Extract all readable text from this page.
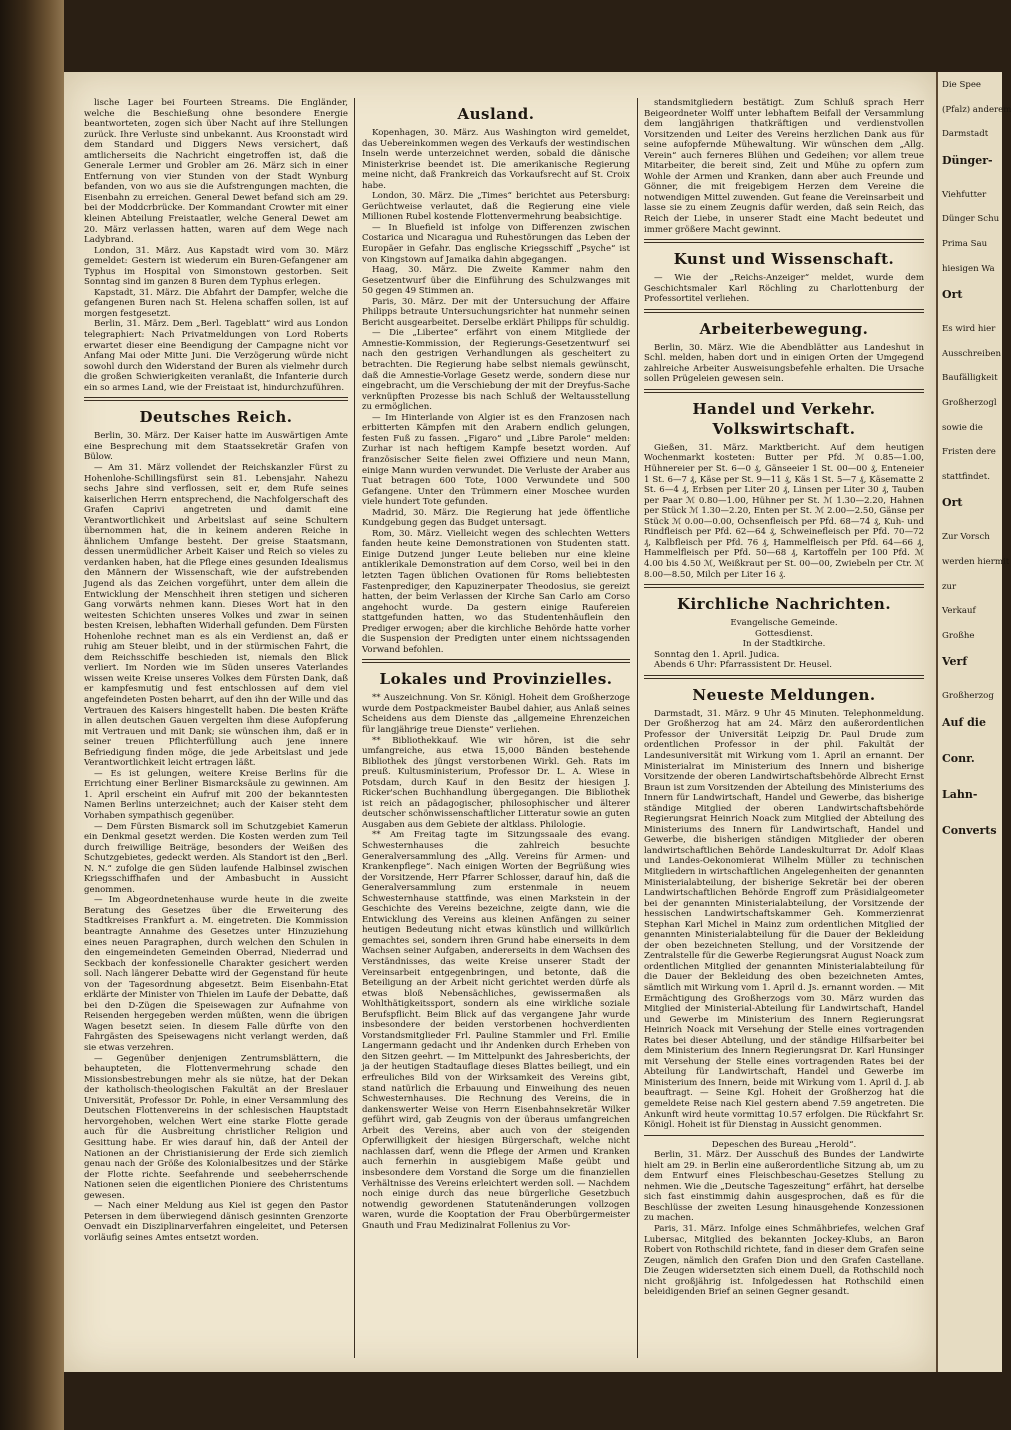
lische Lager bei Fourteen Streams. Die Engländer, welche die Beschießung ohne besondere Energie beantworteten, zogen sich über Nacht auf ihre Stellungen zurück. Ihre Verluste sind unbekannt. Aus Kroonstadt wird dem Standard und Diggers News versichert, daß amtlicherseits die Nachricht eingetroffen ist, daß die Generale Lermer und Grobler am 26. März sich in einer Entfernung von vier Stunden von der Stadt Wynburg befanden, von wo aus sie die Aufstrengungen machten, die Eisenbahn zu erreichen. General Dewet befand sich am 29. bei der Moddcrbrücke. Der Kommandant Crowter mit einer kleinen Abteilung Freistaatler, welche General Dewet am 20. März verlassen hatten, waren auf dem Wege nach Ladybrand.

London, 31. März. Aus Kapstadt wird vom 30. März gemeldet: Gestern ist wiederum ein Buren-Gefangener am Typhus im Hospital von Simonstown gestorben. Seit Sonntag sind im ganzen 8 Buren dem Typhus erlegen.

Kapstadt, 31. März. Die Abfahrt der Dampfer, welche die gefangenen Buren nach St. Helena schaffen sollen, ist auf morgen festgesetzt.

Berlin, 31. März. Dem „Berl. Tageblatt“ wird aus London telegraphiert: Nach Privatmeldungen von Lord Roberts erwartet dieser eine Beendigung der Campagne nicht vor Anfang Mai oder Mitte Juni. Die Verzögerung würde nicht sowohl durch den Widerstand der Buren als vielmehr durch die großen Schwierigkeiten veranlaßt, die Infanterie durch ein so armes Land, wie der Freistaat ist, hindurchzuführen.

Deutsches Reich.

Berlin, 30. März. Der Kaiser hatte im Auswärtigen Amte eine Besprechung mit dem Staatssekretär Grafen von Bülow.

— Am 31. März vollendet der Reichskanzler Fürst zu Hohenlohe-Schillingsfürst sein 81. Lebensjahr. Nahezu sechs Jahre sind verflossen, seit er, dem Rufe seines kaiserlichen Herrn entsprechend, die Nachfolgerschaft des Grafen Caprivi angetreten und damit eine Verantwortlichkeit und Arbeitslast auf seine Schultern übernommen hat, die in keinem anderen Reiche in ähnlichem Umfange besteht. Der greise Staatsmann, dessen unermüdlicher Arbeit Kaiser und Reich so vieles zu verdanken haben, hat die Pflege eines gesunden Idealismus den Männern der Wissenschaft, wie der aufstrebenden Jugend als das Zeichen vorgeführt, unter dem allein die Entwicklung der Menschheit ihren stetigen und sicheren Gang vorwärts nehmen kann. Dieses Wort hat in den weitesten Schichten unseres Volkes und zwar in seinen besten Kreisen, lebhaften Widerhall gefunden. Dem Fürsten Hohenlohe rechnet man es als ein Verdienst an, daß er ruhig am Steuer bleibt, und in der stürmischen Fahrt, die dem Reichsschiffe beschieden ist, niemals den Blick verliert. Im Norden wie im Süden unseres Vaterlandes wissen weite Kreise unseres Volkes dem Fürsten Dank, daß er kampfesmutig und fest entschlossen auf dem viel angefeindeten Posten beharrt, auf den ihn der Wille und das Vertrauen des Kaisers hingestellt haben. Die besten Kräfte in allen deutschen Gauen vergelten ihm diese Aufopferung mit Vertrauen und mit Dank; sie wünschen ihm, daß er in seiner treuen Pflichterfüllung auch jene innere Befriedigung finden möge, die jede Arbeitslast und jede Verantwortlichkeit leicht ertragen läßt.

— Es ist gelungen, weitere Kreise Berlins für die Errichtung einer Berliner Bismarcksäule zu gewinnen. Am 1. April erscheint ein Aufruf mit 200 der bekanntesten Namen Berlins unterzeichnet; auch der Kaiser steht dem Vorhaben sympathisch gegenüber.

— Dem Fürsten Bismarck soll im Schutzgebiet Kamerun ein Denkmal gesetzt werden. Die Kosten werden zum Teil durch freiwillige Beiträge, besonders der Weißen des Schutzgebietes, gedeckt werden. Als Standort ist den „Berl. N. N.“ zufolge die gen Süden laufende Halbinsel zwischen Kriegsschiffhafen und der Ambasbucht in Aussicht genommen.

— Im Abgeordnetenhause wurde heute in die zweite Beratung des Gesetzes über die Erweiterung des Stadtkreises Frankfurt a. M. eingetreten. Die Kommission beantragte Annahme des Gesetzes unter Hinzuziehung eines neuen Paragraphen, durch welchen den Schulen in den eingemeindeten Gemeinden Oberrad, Niederrad und Seckbach der konfessionelle Charakter gesichert werden soll. Nach längerer Debatte wird der Gegenstand für heute von der Tagesordnung abgesetzt. Beim Eisenbahn-Etat erklärte der Minister von Thielen im Laufe der Debatte, daß bei den D-Zügen die Speisewagen zur Aufnahme von Reisenden hergegeben werden müßten, wenn die übrigen Wagen besetzt seien. In diesem Falle dürfte von den Fahrgästen des Speisewagens nicht verlangt werden, daß sie etwas verzehren.

— Gegenüber denjenigen Zentrumsblättern, die behaupteten, die Flottenvermehrung schade den Missionsbestrebungen mehr als sie nütze, hat der Dekan der katholisch-theologischen Fakultät an der Breslauer Universität, Professor Dr. Pohle, in einer Versammlung des Deutschen Flottenvereins in der schlesischen Hauptstadt hervorgehoben, welchen Wert eine starke Flotte gerade auch für die Ausbreitung christlicher Religion und Gesittung habe. Er wies darauf hin, daß der Anteil der Nationen an der Christianisierung der Erde sich ziemlich genau nach der Größe des Kolonialbesitzes und der Stärke der Flotte richte. Seefahrende und seebeherrschende Nationen seien die eigentlichen Pioniere des Christentums gewesen.

— Nach einer Meldung aus Kiel ist gegen den Pastor Petersen in dem überwiegend dänisch gesinnten Grenzorte Oenvadt ein Disziplinarverfahren eingeleitet, und Petersen vorläufig seines Amtes entsetzt worden.

Ausland.

Kopenhagen, 30. März. Aus Washington wird gemeldet, das Uebereinkommen wegen des Verkaufs der westindischen Inseln werde unterzeichnet werden, sobald die dänische Ministerkrise beendet ist. Die amerikanische Regierung meine nicht, daß Frankreich das Vorkaufsrecht auf St. Croix habe.

London, 30. März. Die „Times“ berichtet aus Petersburg: Gerüchtweise verlautet, daß die Regierung eine viele Millionen Rubel kostende Flottenvermehrung beabsichtige.

— In Bluefield ist infolge von Differenzen zwischen Costarica und Nicaragua und Ruhestörungen das Leben der Europäer in Gefahr. Das englische Kriegsschiff „Psyche“ ist von Kingstown auf Jamaika dahin abgegangen.

Haag, 30. März. Die Zweite Kammer nahm den Gesetzentwurf über die Einführung des Schulzwanges mit 50 gegen 49 Stimmen an.

Paris, 30. März. Der mit der Untersuchung der Affaire Philipps betraute Untersuchungsrichter hat nunmehr seinen Bericht ausgearbeitet. Derselbe erklärt Philipps für schuldig.

— Die „Libertee“ erfährt von einem Mitgliede der Amnestie-Kommission, der Regierungs-Gesetzentwurf sei nach den gestrigen Verhandlungen als gescheitert zu betrachten. Die Regierung habe selbst niemals gewünscht, daß die Amnestie-Vorlage Gesetz werde, sondern diese nur eingebracht, um die Verschiebung der mit der Dreyfus-Sache verknüpften Prozesse bis nach Schluß der Weltausstellung zu ermöglichen.

— Im Hinterlande von Algier ist es den Franzosen nach erbitterten Kämpfen mit den Arabern endlich gelungen, festen Fuß zu fassen. „Figaro“ und „Libre Parole“ melden: Zurhar ist nach heftigem Kampfe besetzt worden. Auf französischer Seite fielen zwei Offiziere und neun Mann, einige Mann wurden verwundet. Die Verluste der Araber aus Tuat betragen 600 Tote, 1000 Verwundete und 500 Gefangene. Unter den Trümmern einer Moschee wurden viele hundert Tote gefunden.

Madrid, 30. März. Die Regierung hat jede öffentliche Kundgebung gegen das Budget untersagt.

Rom, 30. März. Vielleicht wegen des schlechten Wetters fanden heute keine Demonstrationen von Studenten statt. Einige Dutzend junger Leute belieben nur eine kleine antiklerikale Demonstration auf dem Corso, weil bei in den letzten Tagen üblichen Ovationen für Roms beliebtesten Fastenprediger, den Kapuzinerpater Theodosius, sie gereizt hatten, der beim Verlassen der Kirche San Carlo am Corso angehocht wurde. Da gestern einige Raufereien stattgefunden hatten, wo das Studentenhäuflein den Prediger erwogen; aber die kirchliche Behörde hatte vorher die Suspension der Predigten unter einem nichtssagenden Vorwand befohlen.

Lokales und Provinzielles.

** Auszeichnung. Von Sr. Königl. Hoheit dem Großherzoge wurde dem Postpackmeister Baubel dahier, aus Anlaß seines Scheidens aus dem Dienste das „allgemeine Ehrenzeichen für langjährige treue Dienste“ verliehen.

** Bibliothekkauf. Wie wir hören, ist die sehr umfangreiche, aus etwa 15,000 Bänden bestehende Bibliothek des jüngst verstorbenen Wirkl. Geh. Rats im preuß. Kultusministerium, Professor Dr. L. A. Wiese in Potsdam, durch Kauf in den Besitz der hiesigen J. Ricker'schen Buchhandlung übergegangen. Die Bibliothek ist reich an pädagogischer, philosophischer und älterer deutscher schönwissenschaftlicher Litteratur sowie an guten Ausgaben aus dem Gebiete der altklass. Philologie.

** Am Freitag tagte im Sitzungssaale des evang. Schwesternhauses die zahlreich besuchte Generalversammlung des „Allg. Vereins für Armen- und Krankenpflege“. Nach einigen Worten der Begrüßung wies der Vorsitzende, Herr Pfarrer Schlosser, darauf hin, daß die Generalversammlung zum erstenmale in neuem Schwesternhause stattfinde, was einen Markstein in der Geschichte des Vereins bezeichne, zeigte dann, wie die Entwicklung des Vereins aus kleinen Anfängen zu seiner heutigen Bedeutung nicht etwas künstlich und willkürlich gemachtes sei, sondern ihren Grund habe einerseits in dem Wachsen seiner Aufgaben, andererseits in dem Wachsen des Verständnisses, das weite Kreise unserer Stadt der Vereinsarbeit entgegenbringen, und betonte, daß die Beteiligung an der Arbeit nicht gerichtet werden dürfe als etwas bloß Nebensächliches, gewissermaßen als Wohlthätigkeitssport, sondern als eine wirkliche soziale Berufspflicht. Beim Blick auf das vergangene Jahr wurde insbesondere der beiden verstorbenen hochverdienten Vorstandsmitglieder Frl. Pauline Stammler und Frl. Emilie Langermann gedacht und ihr Andenken durch Erheben von den Sitzen geehrt. — Im Mittelpunkt des Jahresberichts, der ja der heutigen Stadtauflage dieses Blattes beiliegt, und ein erfreuliches Bild von der Wirksamkeit des Vereins gibt, stand natürlich die Erbauung und Einweihung des neuen Schwesternhauses. Die Rechnung des Vereins, die in dankenswerter Weise von Herrn Eisenbahnsekretär Wilker geführt wird, gab Zeugnis von der überaus umfangreichen Arbeit des Vereins, aber auch von der steigenden Opferwilligkeit der hiesigen Bürgerschaft, welche nicht nachlassen darf, wenn die Pflege der Armen und Kranken auch fernerhin in ausgiebigem Maße geübt und insbesondere dem Vorstand die Sorge um die finanziellen Verhältnisse des Vereins erleichtert werden soll. — Nachdem noch einige durch das neue bürgerliche Gesetzbuch notwendig gewordenen Statutenänderungen vollzogen waren, wurde die Kooptation der Frau Oberbürgermeister Gnauth und Frau Medizinalrat Follenius zu Vor-

standsmitgliedern bestätigt. Zum Schluß sprach Herr Beigeordneter Wolff unter lebhaftem Beifall der Versammlung dem langjährigen thatkräftigen und verdienstvollen Vorsitzenden und Leiter des Vereins herzlichen Dank aus für seine aufopfernde Mühewaltung. Wir wünschen dem „Allg. Verein“ auch ferneres Blühen und Gedeihen; vor allem treue Mitarbeiter, die bereit sind, Zeit und Mühe zu opfern zum Wohle der Armen und Kranken, dann aber auch Freunde und Gönner, die mit freigebigem Herzen dem Vereine die notwendigen Mittel zuwenden. Gut feane die Vereinsarbeit und lasse sie zu einem Zeugnis dafür werden, daß sein Reich, das Reich der Liebe, in unserer Stadt eine Macht bedeutet und immer größere Macht gewinnt.

Kunst und Wissenschaft.

— Wie der „Reichs-Anzeiger“ meldet, wurde dem Geschichtsmaler Karl Röchling zu Charlottenburg der Professortitel verliehen.

Arbeiterbewegung.

Berlin, 30. März. Wie die Abendblätter aus Landeshut in Schl. melden, haben dort und in einigen Orten der Umgegend zahlreiche Arbeiter Ausweisungsbefehle erhalten. Die Ursache sollen Prügeleien gewesen sein.

Handel und Verkehr. Volkswirtschaft.

Gießen, 31. März. Marktbericht. Auf dem heutigen Wochenmarkt kosteten: Butter per Pfd. ℳ 0.85—1.00, Hühnereier per St. 6—0 ₰, Gänseeier 1 St. 00—00 ₰, Enteneier 1 St. 6—7 ₰, Käse per St. 9—11 ₰, Käs 1 St. 5—7 ₰, Käsematte 2 St. 6—4 ₰, Erbsen per Liter 20 ₰, Linsen per Liter 30 ₰, Tauben per Paar ℳ 0.80—1.00, Hühner per St. ℳ 1.30—2.20, Hahnen per Stück ℳ 1.30—2.20, Enten per St. ℳ 2.00—2.50, Gänse per Stück ℳ 0.00—0.00, Ochsenfleisch per Pfd. 68—74 ₰, Kuh- und Rindfleisch per Pfd. 62—64 ₰, Schweinefleisch per Pfd. 70—72 ₰, Kalbfleisch per Pfd. 76 ₰, Hammelfleisch per Pfd. 64—66 ₰, Hammelfleisch per Pfd. 50—68 ₰, Kartoffeln per 100 Pfd. ℳ 4.00 bis 4.50 ℳ, Weißkraut per St. 00—00, Zwiebeln per Ctr. ℳ 8.00—8.50, Milch per Liter 16 ₰.

Kirchliche Nachrichten.

Evangelische Gemeinde.

Gottesdienst.

In der Stadtkirche.

Sonntag den 1. April. Judica.

Abends 6 Uhr: Pfarrassistent Dr. Heusel.

Neueste Meldungen.

Darmstadt, 31. März. 9 Uhr 45 Minuten. Telephonmeldung. Der Großherzog hat am 24. März den außerordentlichen Professor der Universität Leipzig Dr. Paul Drude zum ordentlichen Professor in der phil. Fakultät der Landesuniversität mit Wirkung vom 1. April an ernannt. Der Ministerialrat im Ministerium des Innern und bisherige Vorsitzende der oberen Landwirtschaftsbehörde Albrecht Ernst Braun ist zum Vorsitzenden der Abteilung des Ministeriums des Innern für Landwirtschaft, Handel und Gewerbe, das bisherige ständige Mitglied der oberen Landwirtschaftsbehörde Regierungsrat Heinrich Noack zum Mitglied der Abteilung des Ministeriums des Innern für Landwirtschaft, Handel und Gewerbe, die bisherigen ständigen Mitglieder der oberen landwirtschaftlichen Behörde Landeskulturrat Dr. Adolf Klaas und Landes-Oekonomierat Wilhelm Müller zu technischen Mitgliedern in wirtschaftlichen Angelegenheiten der genannten Ministerialabteilung, der bisherige Sekretär bei der oberen Landwirtschaftlichen Behörde Engroff zum Präsidialgeometer bei der genannten Ministerialabteilung, der Vorsitzende der hessischen Landwirtschaftskammer Geh. Kommerzienrat Stephan Karl Michel in Mainz zum ordentlichen Mitglied der genannten Ministerialabteilung für die Dauer der Bekleidung der oben bezeichneten Stellung, und der Vorsitzende der Zentralstelle für die Gewerbe Regierungsrat August Noack zum ordentlichen Mitglied der genannten Ministerialabteilung für die Dauer der Bekleidung des oben bezeichneten Amtes, sämtlich mit Wirkung vom 1. April d. Js. ernannt worden. — Mit Ermächtigung des Großherzogs vom 30. März wurden das Mitglied der Ministerial-Abteilung für Landwirtschaft, Handel und Gewerbe im Ministerium des Innern Regierungsrat Heinrich Noack mit Versehung der Stelle eines vortragenden Rates bei dieser Abteilung, und der ständige Hilfsarbeiter bei dem Ministerium des Innern Regierungsrat Dr. Karl Hunsinger mit Versehung der Stelle eines vortragenden Rates bei der Abteilung für Landwirtschaft, Handel und Gewerbe im Ministerium des Innern, beide mit Wirkung vom 1. April d. J. ab beauftragt. — Seine Kgl. Hoheit der Großherzog hat die gemeldete Reise nach Kiel gestern abend 7.59 angetreten. Die Ankunft wird heute vormittag 10.57 erfolgen. Die Rückfahrt Sr. Königl. Hoheit ist für Dienstag in Aussicht genommen.

Depeschen des Bureau „Herold“.

Berlin, 31. März. Der Ausschuß des Bundes der Landwirte hielt am 29. in Berlin eine außerordentliche Sitzung ab, um zu dem Entwurf eines Fleischbeschau-Gesetzes Stellung zu nehmen. Wie die „Deutsche Tageszeitung“ erfährt, hat derselbe sich fast einstimmig dahin ausgesprochen, daß es für die Beschlüsse der zweiten Lesung hinausgehende Konzessionen zu machen.

Paris, 31. März. Infolge eines Schmähbriefes, welchen Graf Lubersac, Mitglied des bekannten Jockey-Klubs, an Baron Robert von Rothschild richtete, fand in dieser dem Grafen seine Zeugen, nämlich den Grafen Dion und den Grafen Castellane. Die Zeugen widersetzten sich einem Duell, da Rothschild noch nicht großjährig ist. Infolgedessen hat Rothschild einen beleidigenden Brief an seinen Gegner gesandt.

Die Spee
(Pfalz) anderem
Darmstadt
Dünger-
Viehfutter
Dünger Schu
Prima Sau
hiesigen Wa
Ort
Es wird hier
Ausschreiben
Baufälligkeit
Großherzogl
sowie die
Fristen dere
stattfindet.
Ort
Zur Vorsch
werden hiermit
zur
Verkauf
Großhe
Verf
Großherzog
Auf die
Conr.
Lahn-
Converts
